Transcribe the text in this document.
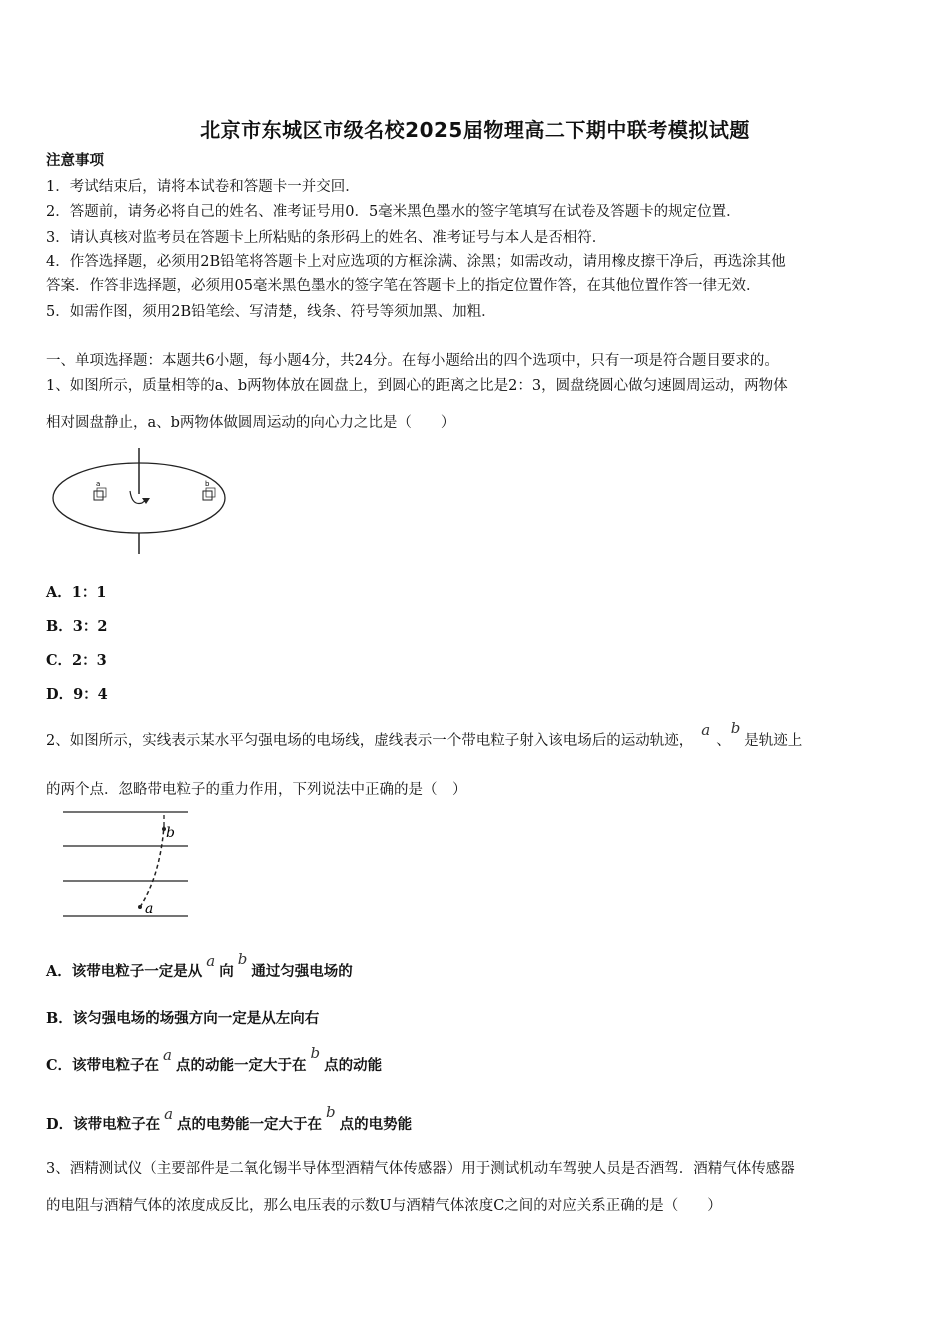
北京市东城区市级名校2025届物理高二下期中联考模拟试题
注意事项
1．考试结束后，请将本试卷和答题卡一并交回．
2．答题前，请务必将自己的姓名、准考证号用0．5毫米黑色墨水的签字笔填写在试卷及答题卡的规定位置．
3．请认真核对监考员在答题卡上所粘贴的条形码上的姓名、准考证号与本人是否相符．
4．作答选择题，必须用2B铅笔将答题卡上对应选项的方框涂满、涂黑；如需改动，请用橡皮擦干净后，再选涂其他
答案．作答非选择题，必须用05毫米黑色墨水的签字笔在答题卡上的指定位置作答，在其他位置作答一律无效．
5．如需作图，须用2B铅笔绘、写清楚，线条、符号等须加黑、加粗．
一、单项选择题：本题共6小题，每小题4分，共24分。在每小题给出的四个选项中，只有一项是符合题目要求的。
1、如图所示，质量相等的a、b两物体放在圆盘上，到圆心的距离之比是2：3，圆盘绕圆心做匀速圆周运动，两物体
相对圆盘静止，a、b两物体做圆周运动的向心力之比是（　　）
a	b
A．1：1
B．3：2
C．2：3
D．9：4
2、如图所示，实线表示某水平匀强电场的电场线，虚线表示一个带电粒子射入该电场后的运动轨迹，a、b是轨迹上
的两个点．忽略带电粒子的重力作用，下列说法中正确的是（　）
a
b
A．该带电粒子一定是从a向b通过匀强电场的
B．该匀强电场的场强方向一定是从左向右
C．该带电粒子在a点的动能一定大于在b点的动能
D．该带电粒子在a点的电势能一定大于在b点的电势能
3、酒精测试仪（主要部件是二氧化锡半导体型酒精气体传感器）用于测试机动车驾驶人员是否酒驾．酒精气体传感器
的电阻与酒精气体的浓度成反比，那么电压表的示数U与酒精气体浓度C之间的对应关系正确的是（　　）
